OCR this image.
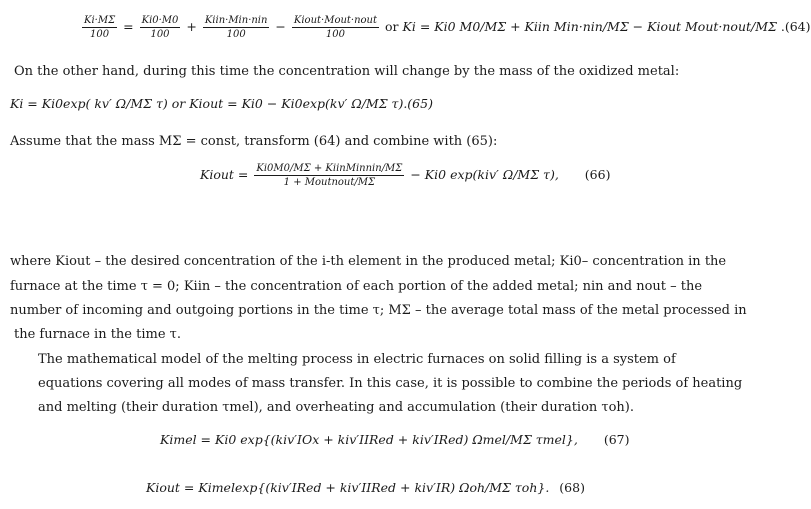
$\frac{Ki\cdot M\Sigma}{100} = \frac{Ki0\cdot M0}{100} + \frac{\text{Kiin·Min·nin}}{100} - \frac{\text{Kiout·Mout·nout}}{100}$ or Ki = Ki0 M0/MΣ + Kiin Min·nin/MΣ − Kiout Mout·nout/MΣ .(64)
On the other hand, during this time the concentration will change by the mass of the oxidized metal:
Ki = Ki0exp( kv′ Ω/MΣ τ) or Kiout = Ki0 − Ki0exp(kv′ Ω/MΣ τ).(65)
Assume that the mass MΣ = const, transform (64) and combine with (65):
Kiout = $\frac{\text{Ki0M0/MΣ + KiinMinnin/MΣ}}{\text{1 + Moutnout/MΣ}} - Ki0$ exp(kiv′ Ω/MΣ τ), (66)
where Kiout – the desired concentration of the i-th element in the produced metal; Ki0– concentration in the
furnace at the time τ = 0; Kiin – the concentration of each portion of the added metal; nin and nout – the
number of incoming and outgoing portions in the time τ; MΣ – the average total mass of the metal processed in
the furnace in the time τ.
The mathematical model of the melting process in electric furnaces on solid filling is a system of
equations covering all modes of mass transfer. In this case, it is possible to combine the periods of heating
and melting (their duration τmel), and overheating and accumulation (their duration τoh).
Kimel = Ki0 exp{(kiv′IOx + kiv′IIRed + kiv′IRed) Ωmel/MΣ τmel}, (67)
Kiout = Kimelexp{(kiv′IRed + kiv′IIRed + kiv′IR) Ωoh/MΣ τoh}. (68)
